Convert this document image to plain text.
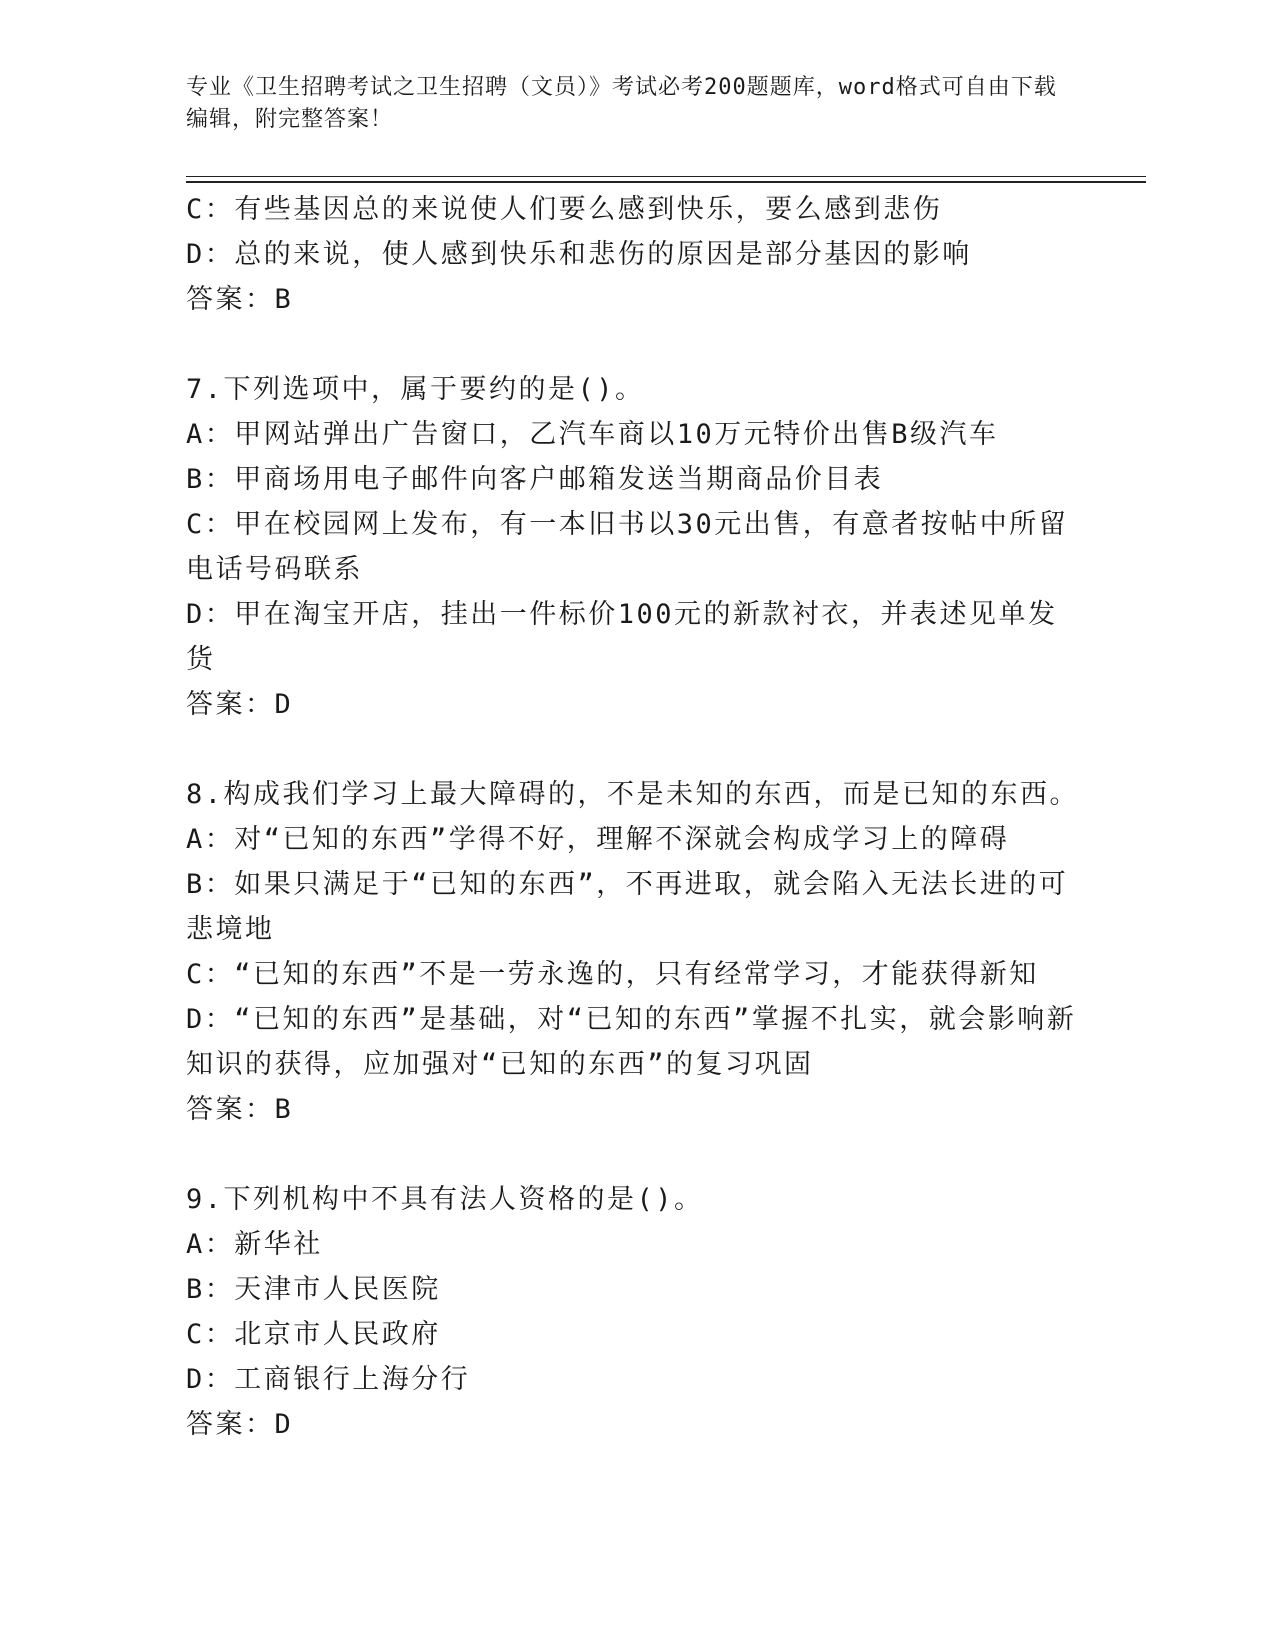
专业《卫生招聘考试之卫生招聘（文员）》考试必考200题题库，word格式可自由下载编辑，附完整答案！

C：有些基因总的来说使人们要么感到快乐，要么感到悲伤

D：总的来说，使人感到快乐和悲伤的原因是部分基因的影响

答案：B

7.下列选项中，属于要约的是()。

A：甲网站弹出广告窗口，乙汽车商以10万元特价出售B级汽车

B：甲商场用电子邮件向客户邮箱发送当期商品价目表

C：甲在校园网上发布，有一本旧书以30元出售，有意者按帖中所留电话号码联系

D：甲在淘宝开店，挂出一件标价100元的新款衬衣，并表述见单发货

答案：D

8.构成我们学习上最大障碍的，不是未知的东西，而是已知的东西。

A：对“已知的东西”学得不好，理解不深就会构成学习上的障碍

B：如果只满足于“已知的东西”，不再进取，就会陷入无法长进的可悲境地

C：“已知的东西”不是一劳永逸的，只有经常学习，才能获得新知

D：“已知的东西”是基础，对“已知的东西”掌握不扎实，就会影响新知识的获得，应加强对“已知的东西”的复习巩固

答案：B

9.下列机构中不具有法人资格的是()。

A：新华社

B：天津市人民医院

C：北京市人民政府

D：工商银行上海分行

答案：D
